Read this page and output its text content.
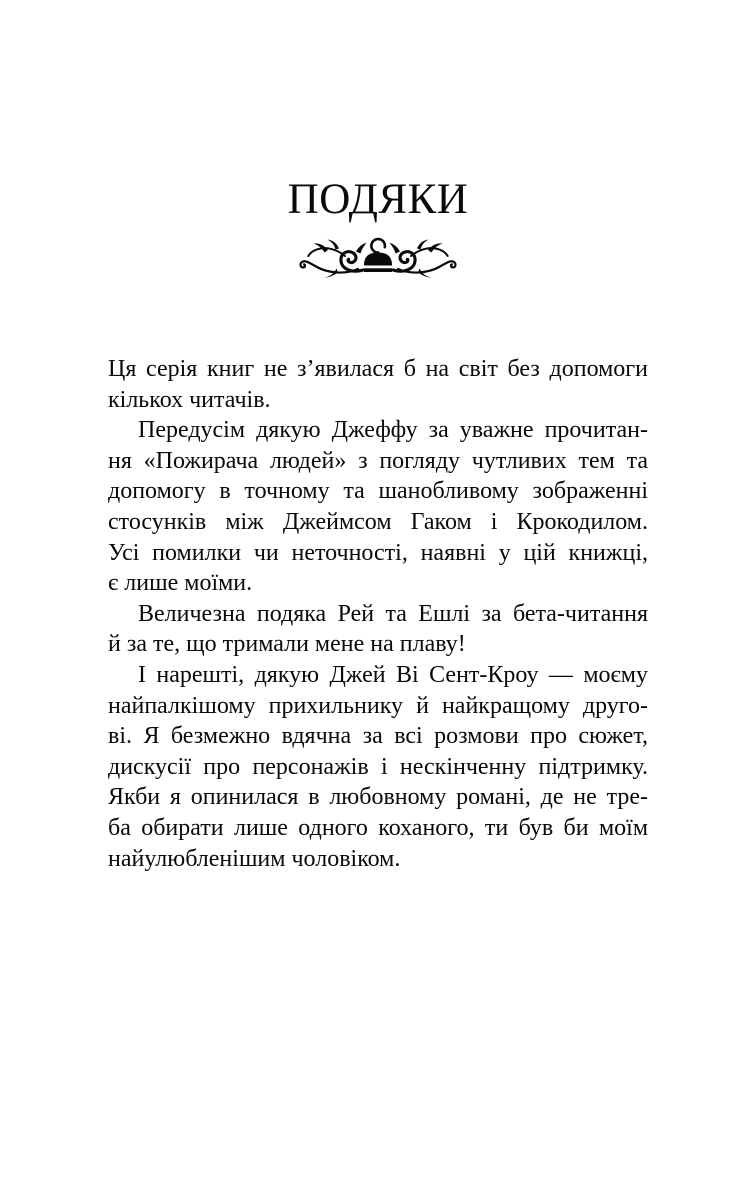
ПОДЯКИ
Ця серія книг не з’явилася б на світ без допомоги
кількох читачів.
Передусім дякую Джеффу за уважне прочитан-
ня «Пожирача людей» з погляду чутливих тем та
допомогу в точному та шанобливому зображенні
стосунків між Джеймсом Гаком і Крокодилом.
Усі помилки чи неточності, наявні у цій книжці,
є лише моїми.
Величезна подяка Рей та Ешлі за бета-читання
й за те, що тримали мене на плаву!
І нарешті, дякую Джей Ві Сент-Кроу — моєму
найпалкішому прихильнику й найкращому друго-
ві. Я безмежно вдячна за всі розмови про сюжет,
дискусії про персонажів і нескінченну підтримку.
Якби я опинилася в любовному романі, де не тре-
ба обирати лише одного коханого, ти був би моїм
найулюбленішим чоловіком.
